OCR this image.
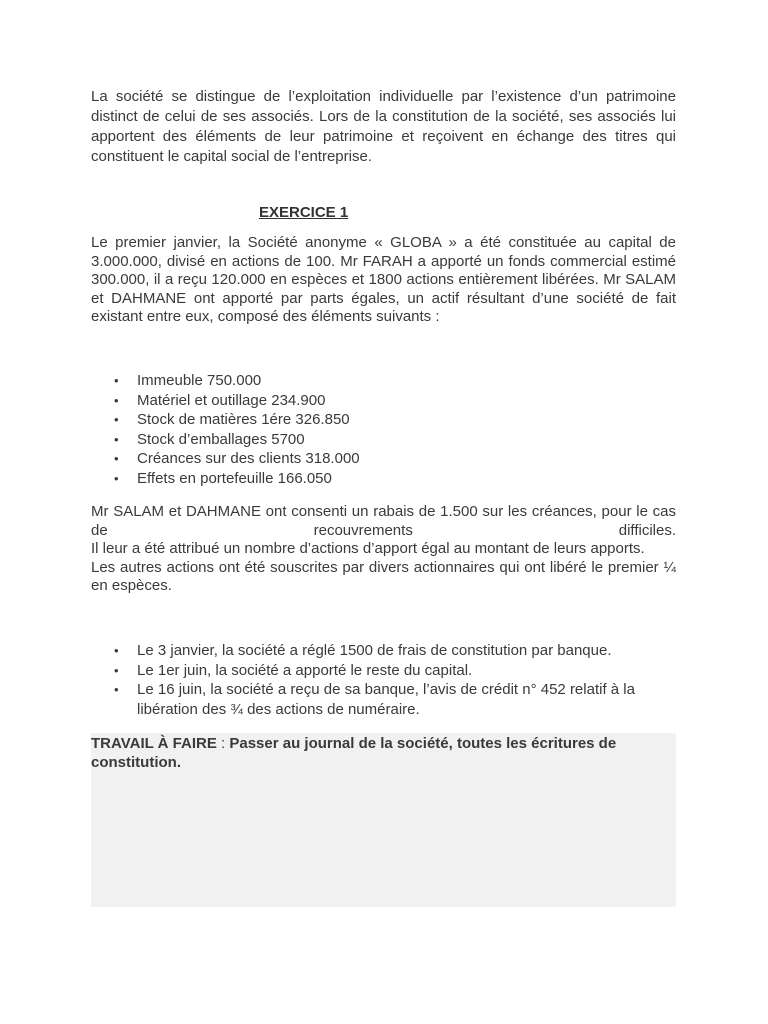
La société se distingue de l’exploitation individuelle par l’existence d’un patrimoine distinct de celui de ses associés. Lors de la constitution de la société, ses associés lui apportent des éléments de leur patrimoine et reçoivent en échange des titres qui constituent le capital social de l’entreprise.

EXERCICE 1

Le premier janvier, la Société anonyme « GLOBA » a été constituée au capital de 3.000.000, divisé en actions de 100. Mr FARAH a apporté un fonds commercial estimé 300.000, il a reçu 120.000 en espèces et 1800 actions entièrement libérées. Mr SALAM et DAHMANE ont apporté par parts égales, un actif résultant d’une société de fait existant entre eux, composé des éléments suivants :

• Immeuble 750.000
• Matériel et outillage 234.900
• Stock de matières 1ére 326.850
• Stock d’emballages 5700
• Créances sur des clients 318.000
• Effets en portefeuille 166.050

Mr SALAM et DAHMANE ont consenti un rabais de 1.500 sur les créances, pour le cas de recouvrements difficiles.

Il leur a été attribué un nombre d’actions d’apport égal au montant de leurs apports.

Les autres actions ont été souscrites par divers actionnaires qui ont libéré le premier ¼ en espèces.

• Le 3 janvier, la société a réglé 1500 de frais de constitution par banque.
• Le 1er juin, la société a apporté le reste du capital.
• Le 16 juin, la société a reçu de sa banque, l’avis de crédit n° 452 relatif à la libération des ¾ des actions de numéraire.
TRAVAIL À FAIRE : Passer au journal de la société, toutes les écritures de constitution.
